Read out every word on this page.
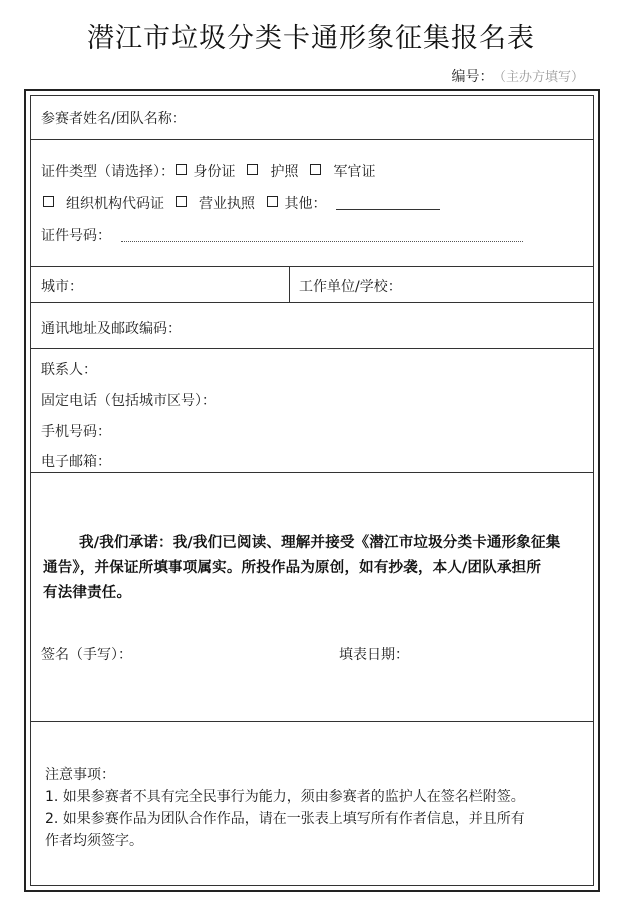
潜江市垃圾分类卡通形象征集报名表
编号： （主办方填写）
参赛者姓名/团队名称：
证件类型（请选择）： 身份证	护照	军官证
组织机构代码证	营业执照 其他：
证件号码：
城市：	工作单位/学校：
通讯地址及邮政编码：
联系人：
固定电话（包括城市区号）：
手机号码：
电子邮箱：
我/我们承诺：我/我们已阅读、理解并接受《潜江市垃圾分类卡通形象征集
通告》，并保证所填事项属实。所投作品为原创，如有抄袭，本人/团队承担所
有法律责任。
签名（手写）：	填表日期：
注意事项：
1. 如果参赛者不具有完全民事行为能力，须由参赛者的监护人在签名栏附签。
2. 如果参赛作品为团队合作作品，请在一张表上填写所有作者信息，并且所有
作者均须签字。
